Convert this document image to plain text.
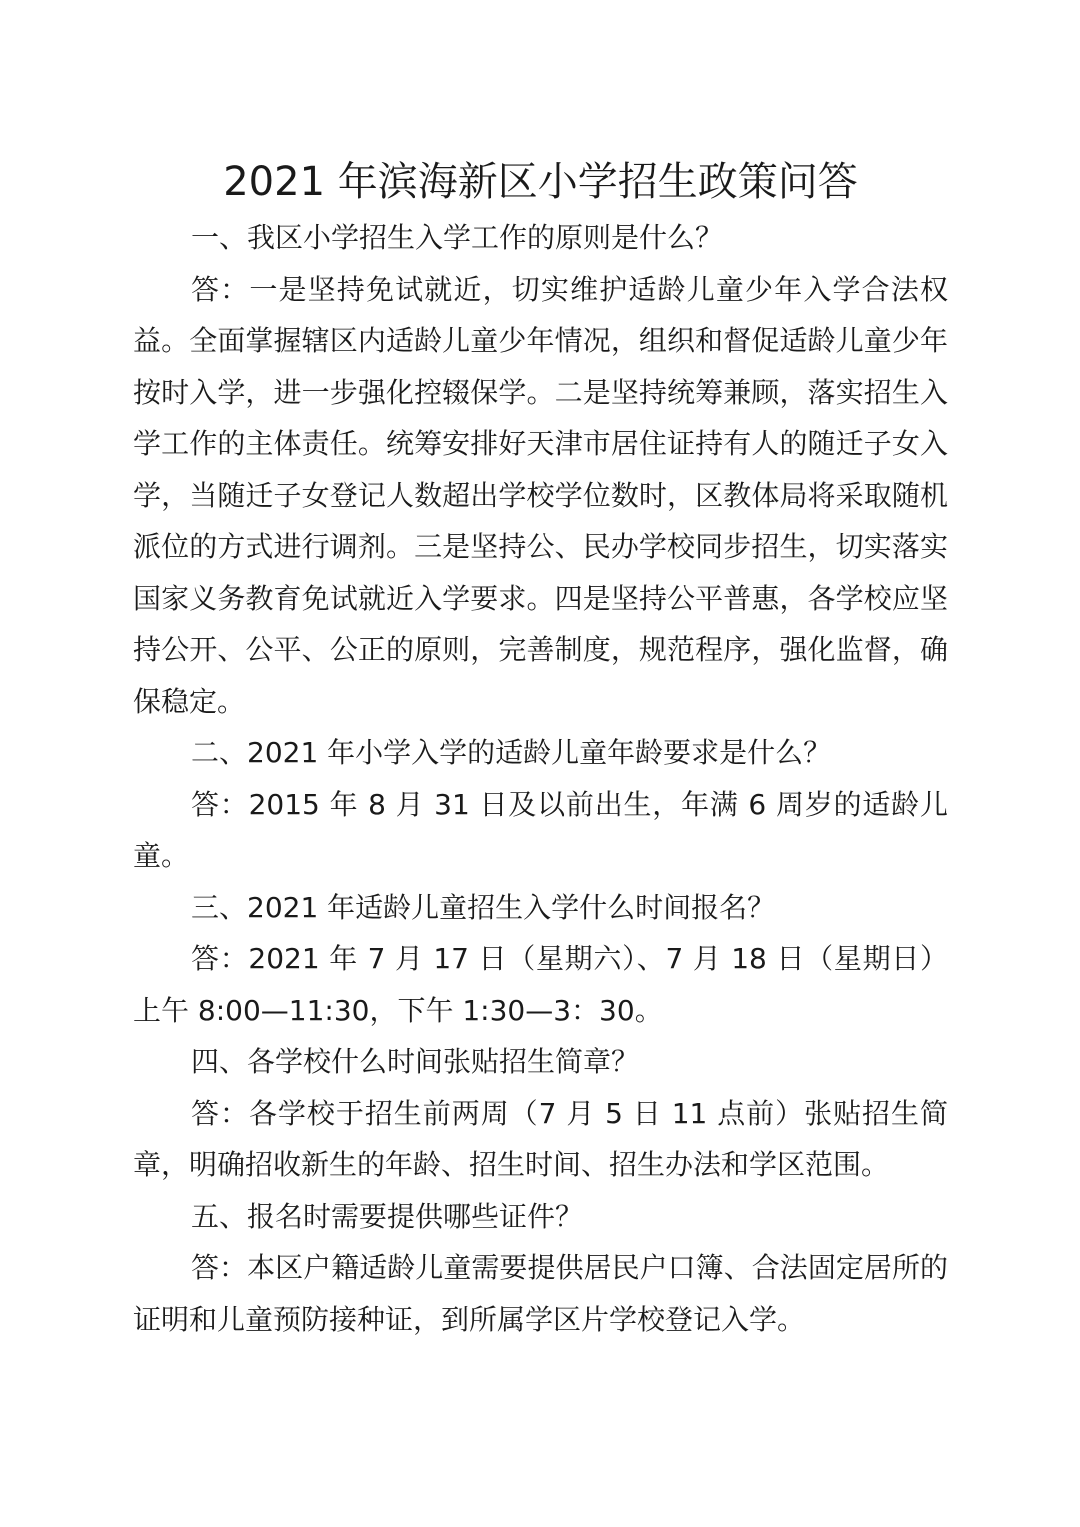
2021 年滨海新区小学招生政策问答

一、我区小学招生入学工作的原则是什么？

答：一是坚持免试就近，切实维护适龄儿童少年入学合法权益。全面掌握辖区内适龄儿童少年情况，组织和督促适龄儿童少年按时入学，进一步强化控辍保学。二是坚持统筹兼顾，落实招生入学工作的主体责任。统筹安排好天津市居住证持有人的随迁子女入学，当随迁子女登记人数超出学校学位数时，区教体局将采取随机派位的方式进行调剂。三是坚持公、民办学校同步招生，切实落实国家义务教育免试就近入学要求。四是坚持公平普惠，各学校应坚持公开、公平、公正的原则，完善制度，规范程序，强化监督，确保稳定。

二、2021 年小学入学的适龄儿童年龄要求是什么？

答：2015 年 8 月 31 日及以前出生，年满 6 周岁的适龄儿童。

三、2021 年适龄儿童招生入学什么时间报名？

答：2021 年 7 月 17 日（星期六）、7 月 18 日（星期日）上午 8:00—11:30，下午 1:30—3：30。

四、各学校什么时间张贴招生简章？

答：各学校于招生前两周（7 月 5 日 11 点前）张贴招生简章，明确招收新生的年龄、招生时间、招生办法和学区范围。

五、报名时需要提供哪些证件？

答：本区户籍适龄儿童需要提供居民户口簿、合法固定居所的证明和儿童预防接种证，到所属学区片学校登记入学。
